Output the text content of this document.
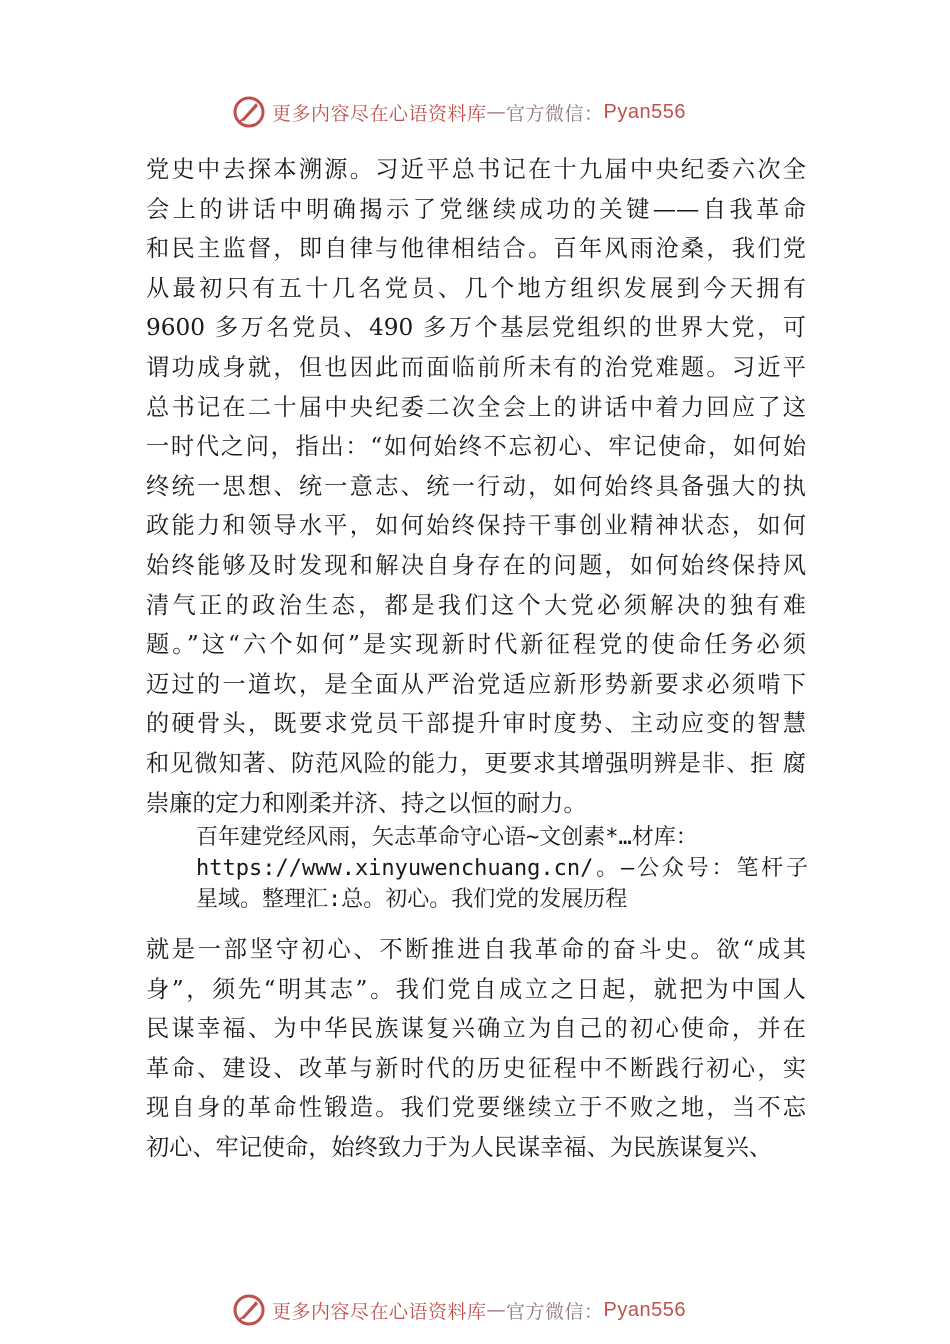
更多内容尽在心语资料库 — 官方微信： Pyan556
党史中去探本溯源。习近平总书记在十九届中央纪委六次全
会上的讲话中明确揭示了党继续成功的关键——自我革命
和民主监督，即自律与他律相结合。百年风雨沧桑，我们党
从最初只有五十几名党员、几个地方组织发展到今天拥有
9600 多万名党员、490 多万个基层党组织的世界大党，可
谓功成身就，但也因此而面临前所未有的治党难题。习近平
总书记在二十届中央纪委二次全会上的讲话中着力回应了这
一时代之问，指出：“如何始终不忘初心、牢记使命，如何始
终统一思想、统一意志、统一行动，如何始终具备强大的执
政能力和领导水平，如何始终保持干事创业精神状态，如何
始终能够及时发现和解决自身存在的问题，如何始终保持风
清气正的政治生态，都是我们这个大党必须解决的独有难
题。”这“六个如何”是实现新时代新征程党的使命任务必须
迈过的一道坎，是全面从严治党适应新形势新要求必须啃下
的硬骨头，既要求党员干部提升审时度势、主动应变的智慧
和见微知著、防范风险的能力，更要求其增强明辨是非、拒 腐
崇廉的定力和刚柔并济、持之以恒的耐力。
百年建党经风雨，矢志革命守心语~文创素*…材库：
https://www.xinyuwenchuang.cn/。—公众号：笔杆子
星域。整理汇:总。初心。我们党的发展历程
就是一部坚守初心、不断推进自我革命的奋斗史。欲“成其
身”，须先“明其志”。我们党自成立之日起，就把为中国人
民谋幸福、为中华民族谋复兴确立为自己的初心使命，并在
革命、建设、改革与新时代的历史征程中不断践行初心，实
现自身的革命性锻造。我们党要继续立于不败之地，当不忘
初心、牢记使命，始终致力于为人民谋幸福、为民族谋复兴、
更多内容尽在心语资料库 — 官方微信： Pyan556
